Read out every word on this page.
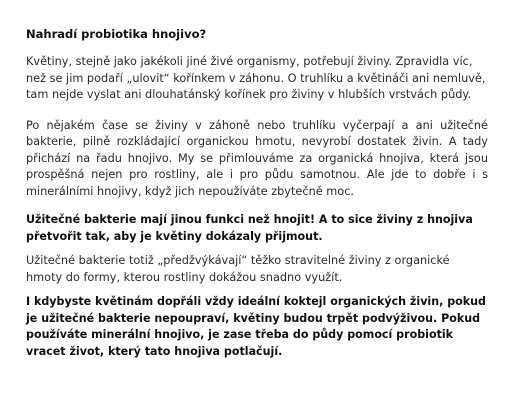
Nahradí probiotika hnojivo?

Květiny, stejně jako jakékoli jiné živé organismy, potřebují živiny. Zpravidla víc, než se jim podaří „ulovit“ kořínkem v záhonu. O truhlíku a květináči ani nemluvě, tam nejde vyslat ani dlouhatánský kořínek pro živiny v hlubších vrstvách půdy.

Po nějakém čase se živiny v záhoně nebo truhlíku vyčerpají a ani užitečné bakterie, pilně rozkládající organickou hmotu, nevyrobí dostatek živin. A tady přichází na řadu hnojivo. My se přimlouváme za organická hnojiva, která jsou prospěšná nejen pro rostliny, ale i pro půdu samotnou. Ale jde to dobře i s minerálními hnojivy, když jich nepoužíváte zbytečně moc.

Užitečné bakterie mají jinou funkci než hnojit! A to sice živiny z hnojiva přetvořit tak, aby je květiny dokázaly přijmout.

Užitečné bakterie totiž „předžvýkávají“ těžko stravitelné živiny z organické hmoty do formy, kterou rostliny dokážou snadno využít.

I kdybyste květinám dopřáli vždy ideální koktejl organických živin, pokud je užitečné bakterie nepoupraví, květiny budou trpět podvýživou. Pokud používáte minerální hnojivo, je zase třeba do půdy pomocí probiotik vracet život, který tato hnojiva potlačují.
